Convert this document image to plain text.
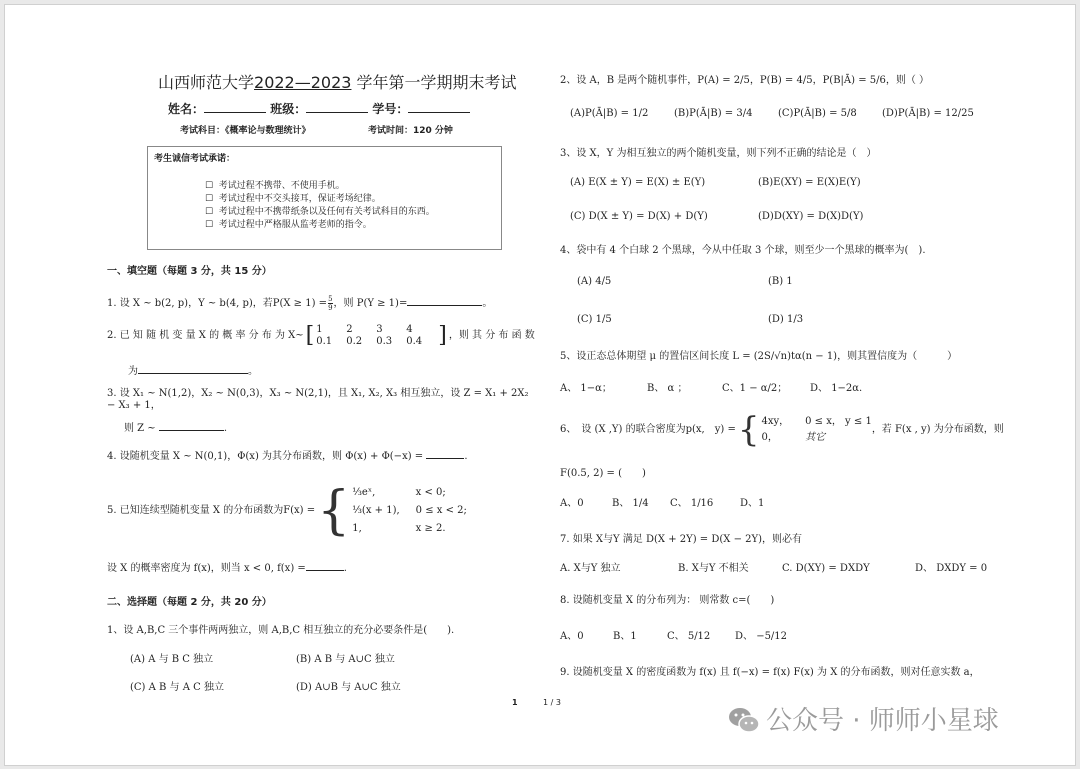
山西师范大学2022—2023 学年第一学期期末考试
姓名：	班级：	学号：
考试科目：《概率论与数理统计》	考试时间：120 分钟
考生诚信考试承诺：
☐  考试过程不携带、不使用手机。
☐  考试过程中不交头接耳，保证考场纪律。
☐  考试过程中不携带纸条以及任何有关考试科目的东西。
☐  考试过程中严格服从监考老师的指令。
一、填空题（每题 3 分，共 15 分）
1. 设 X ~ b(2, p)，Y ~ b(4, p)，若$P(X \ge 1) = \frac{5}{9}$ ，则 P(Y ≥ 1)=	。
2. 已 知 随 机 变 量 X 的 概 率 分 布 为 X~ [ 1	2	3	4
0.1	0.2	0.3	0.4 ] ，则 其 分 布 函 数
为	。
3. 设 X₁ ~ N(1,2)，X₂ ~ N(0,3)，X₃ ~ N(2,1)，且 X₁, X₂, X₃ 相互独立，设 Z = X₁ + 2X₂ − X₃ + 1，
则 Z ~	.
4. 设随机变量 X ~ N(0,1)，Φ(x) 为其分布函数，则 Φ(x) + Φ(−x) =	.
5. 已知连续型随机变量 X 的分布函数为F(x) = { ⅓eˣ,	x < 0;
⅓(x + 1), 0 ≤ x < 2;
1,	x ≥ 2.
设 X 的概率密度为 f(x)，则当 x < 0, f(x) =	.
二、选择题（每题 2 分，共 20 分）
1、设 A,B,C 三个事件两两独立，则 A,B,C 相互独立的充分必要条件是(　　).
(A) A 与 B C 独立	(B) A B 与 A∪C 独立
(C) A B 与 A C 独立	(D) A∪B 与 A∪C 独立
2、设 A，B 是两个随机事件，P(A) = 2/5，P(B) = 4/5，P(B|Ā) = 5/6，则（ ）
(A)P(Ā|B) = 1/2	(B)P(Ā|B) = 3/4	(C)P(Ā|B) = 5/8	(D)P(Ā|B) = 12/25
3、设 X，Y 为相互独立的两个随机变量，则下列不正确的结论是（　）
(A) E(X ± Y) = E(X) ± E(Y)	(B)E(XY) = E(X)E(Y)
(C) D(X ± Y) = D(X) + D(Y)	(D)D(XY) = D(X)D(Y)
4、袋中有 4 个白球 2 个黑球，今从中任取 3 个球，则至少一个黑球的概率为(　).
(A) 4/5	(B) 1
(C) 1/5	(D) 1/3
5、设正态总体期望 μ 的置信区间长度 L = (2S/√n)tα(n − 1)，则其置信度为（　　　）
A、 1−α；	B、 α ；	C、1 − α/2； D、 1−2α.
6、　设 (X ,Y) 的联合密度为p(x,　y) = { 4xy， 0 ≤ x， y ≤ 1
0，	其它
，若 F(x , y) 为分布函数，则
F(0.5, 2) = (　　)
A、0	B、 1/4 C、 1/16	D、1
7. 如果 X与Y 满足 D(X + 2Y) = D(X − 2Y)，则必有
A. X与Y 独立	B. X与Y 不相关	C. D(XY) = DXDY	D、 DXDY = 0
8. 设随机变量 X 的分布列为： 则常数 c=(　　)
A、0	B、1	C、 5/12 D、 −5/12
9. 设随机变量 X 的密度函数为 f(x) 且 f(−x) = f(x) F(x) 为 X 的分布函数，则对任意实数 a，
1	1 / 3
公众号 · 师师小星球
